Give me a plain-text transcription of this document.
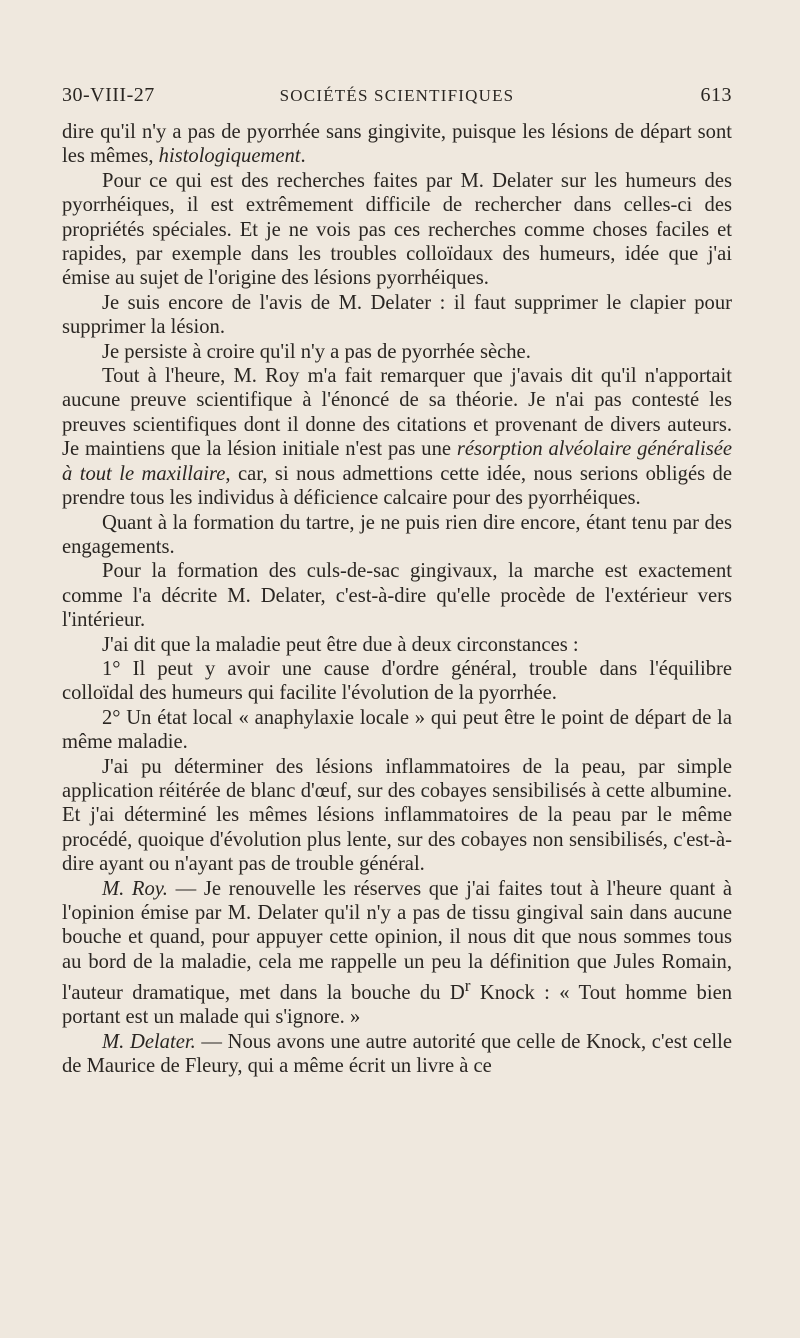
30-VIII-27	SOCIÉTÉS SCIENTIFIQUES	613

dire qu'il n'y a pas de pyorrhée sans gingivite, puisque les lésions de départ sont les mêmes, histologiquement.

Pour ce qui est des recherches faites par M. Delater sur les humeurs des pyorrhéiques, il est extrêmement difficile de rechercher dans celles-ci des propriétés spéciales. Et je ne vois pas ces recherches comme choses faciles et rapides, par exemple dans les troubles colloïdaux des humeurs, idée que j'ai émise au sujet de l'origine des lésions pyorrhéiques.

Je suis encore de l'avis de M. Delater : il faut supprimer le clapier pour supprimer la lésion.

Je persiste à croire qu'il n'y a pas de pyorrhée sèche.

Tout à l'heure, M. Roy m'a fait remarquer que j'avais dit qu'il n'apportait aucune preuve scientifique à l'énoncé de sa théorie. Je n'ai pas contesté les preuves scientifiques dont il donne des citations et provenant de divers auteurs. Je maintiens que la lésion initiale n'est pas une résorption alvéolaire généralisée à tout le maxillaire, car, si nous admettions cette idée, nous serions obligés de prendre tous les individus à déficience calcaire pour des pyorrhéiques.

Quant à la formation du tartre, je ne puis rien dire encore, étant tenu par des engagements.

Pour la formation des culs-de-sac gingivaux, la marche est exactement comme l'a décrite M. Delater, c'est-à-dire qu'elle procède de l'extérieur vers l'intérieur.

J'ai dit que la maladie peut être due à deux circonstances :

1° Il peut y avoir une cause d'ordre général, trouble dans l'équilibre colloïdal des humeurs qui facilite l'évolution de la pyorrhée.

2° Un état local « anaphylaxie locale » qui peut être le point de départ de la même maladie.

J'ai pu déterminer des lésions inflammatoires de la peau, par simple application réitérée de blanc d'œuf, sur des cobayes sensibilisés à cette albumine. Et j'ai déterminé les mêmes lésions inflammatoires de la peau par le même procédé, quoique d'évolution plus lente, sur des cobayes non sensibilisés, c'est-à-dire ayant ou n'ayant pas de trouble général.

M. Roy. — Je renouvelle les réserves que j'ai faites tout à l'heure quant à l'opinion émise par M. Delater qu'il n'y a pas de tissu gingival sain dans aucune bouche et quand, pour appuyer cette opinion, il nous dit que nous sommes tous au bord de la maladie, cela me rappelle un peu la définition que Jules Romain, l'auteur dramatique, met dans la bouche du $D^r$ Knock : « Tout homme bien portant est un malade qui s'ignore. »

M. Delater. — Nous avons une autre autorité que celle de Knock, c'est celle de Maurice de Fleury, qui a même écrit un livre à ce
